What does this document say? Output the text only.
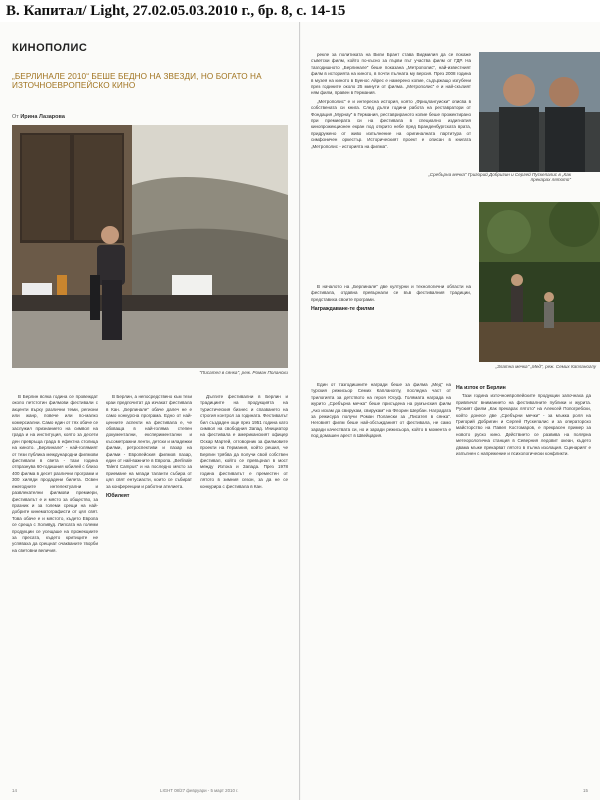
В. Капитал/ Light, 27.02.05.03.2010 г., бр. 8, с. 14-15
КИНОПОЛИС
„БЕРЛИНАЛЕ 2010“ БЕШЕ БЕДНО НА ЗВЕЗДИ, НО БОГАТО НА ИЗТОЧНОЕВРОПЕЙСКО КИНО
От Ирина Лазарова
"Писател в сянка", реж. Роман Полански

В Берлин всяка година се провеждат около петстотин филмови фестивали с акценти върху различни теми, региони или жанр, повече или по-малко комерсиални. Само един от тях обаче се заслужил признанието на символ на града и на институция, която за десети ден превръща града в ефектна столица на киното. „Берлинале“ - най-голямият от тези публика международни филмови фестивали в света - тази година отпразнува 60-годишния юбилей с близо 400 филма в десет различни програми и 300 хиляди продадени билета. Освен ежегодните интелектуални и развлекателни филмови премиери, фестивалът е и място за общество, за празник и за големи срещи на най-добрите кинематографисти от цял свят. Това обаче е и мястото, където Европа се среща с Холивуд. Липсата на големи продукции се усещаше на прожекциите за пресата, където критиците не успяваха да срещнат очакваните творби на световни величия.

В Берлин, а непосредствено към тези краи предпочитат да изчакат фестивала в Кан. „Берлинале“ обаче далеч не е само конкурсна програма. Едно от най-ценните аспекти на фестивала е, че обхваща в най-голяма степен документални, експериментални и късометражни ленти, детски и младежки филми, ретроспективи и пазар на филми - Европейския филмов пазар, един от най-важните в Европа. „Berlinale Talent Campus“ и на последно място за приемане на млади таланти събира от цял свят ентусиасти, които се събират за конференции и работни ателиета.

Юбилеят

Дългите фестивални в Берлин и традициите на продукцията на туристическия бизнес и спазването на строгия контрол за годината. Фестивалът бил създаден още през 1951 година като символ на свободния Запад. Инициатор на фестивала е американският офицер Оскар Мартей, отговорник за филмовите проекти на Германия, който решил, че Берлин трябва да получи свой собствен фестивал, който се превърнал в мост между Изтока и Запада. През 1978 година фестивалът е преместен от лятото в зимния сезон, за да не се конкурира с фестивала в Кан.

14	LIGHT 08/27 февруари - 5 март 2010 г.

рекле за политиката на Вили Брант става Видмилия да се покаже съветски филм, който по-късно за първи път участва филм от ГДР. На тазгодишното „Берлинале“ беше показана „Метрополис“, най-известният филм в историята на киното, в почти пълната му версия. През 2008 година в музея на киното в Буенос Айрес е намерено копие, съдържащо изгубени през годините около 25 минути от филма. „Метрополис“ е и най-скъпият ням филм, правен в Германия.

„Метрополис“ е и интересна история, която „Фрицлангуиски“ описва в собствената си книга. След дълги години работа на реставратори от Фондация „Мурнау“ в Германия, реставрираното копие беше прожектирано при премиерата си на фестивала в специално издигнатия кинопрожекционен екран под открито небе пред Бранденбургската врата, придружено от живо изпълнение на оригиналната партитура от симфоничен оркестър. Историческият проект е описан в книгата „Метрополис - историята на филма“.

„Сребърна мечка" Григорий Добригин и Сергей Пускепалис в „Как прекарах лятото"

В началото на „Берлинале“ две културни и технологични области на фестивала, отдавна превърнали се във фестивалния традиции, представиха своите програми.

Награждаване-те филми
„Златна мечка" „Мед", реж. Семих Капланоглу

Един от тазгодишните награди беше за филма „Мед“ на турския режисьор Семих Капланоглу, последна част от трилогията за детството на героя Юсуф. Голямата награда на журито „Сребърна мечка“ беше присъдена на румънския филм „Ако искам да свирукам, свирукам“ на Флорин Шербан. Наградата за режисура получи Роман Полански за „Писател в сянка“. Неговият филм беше най-обсъжданият от фестивала, не само заради качествата си, но и заради режисьора, който в момента е под домашен арест в Швейцария.

На изток от Берлин

Тази година източноевропейските продукции започнаха да привличат вниманието на фестивалните публики и журита. Руският филм „Как прекарах лятото“ на Алексей Попогребски, който донесе две „Сребърни мечки“ - за мъжка роля на Григорий Добригин и Сергей Пускепалис и за операторско майсторство на Павел Костомаров, е прекрасен пример за новото руско кино. Действието се развива на полярна метеорологична станция в Северния ледовит океан, където двама мъже прекарват лятото в пълна изолация. Сценарият е изпълнен с напрежение и психологически конфликти.

15
